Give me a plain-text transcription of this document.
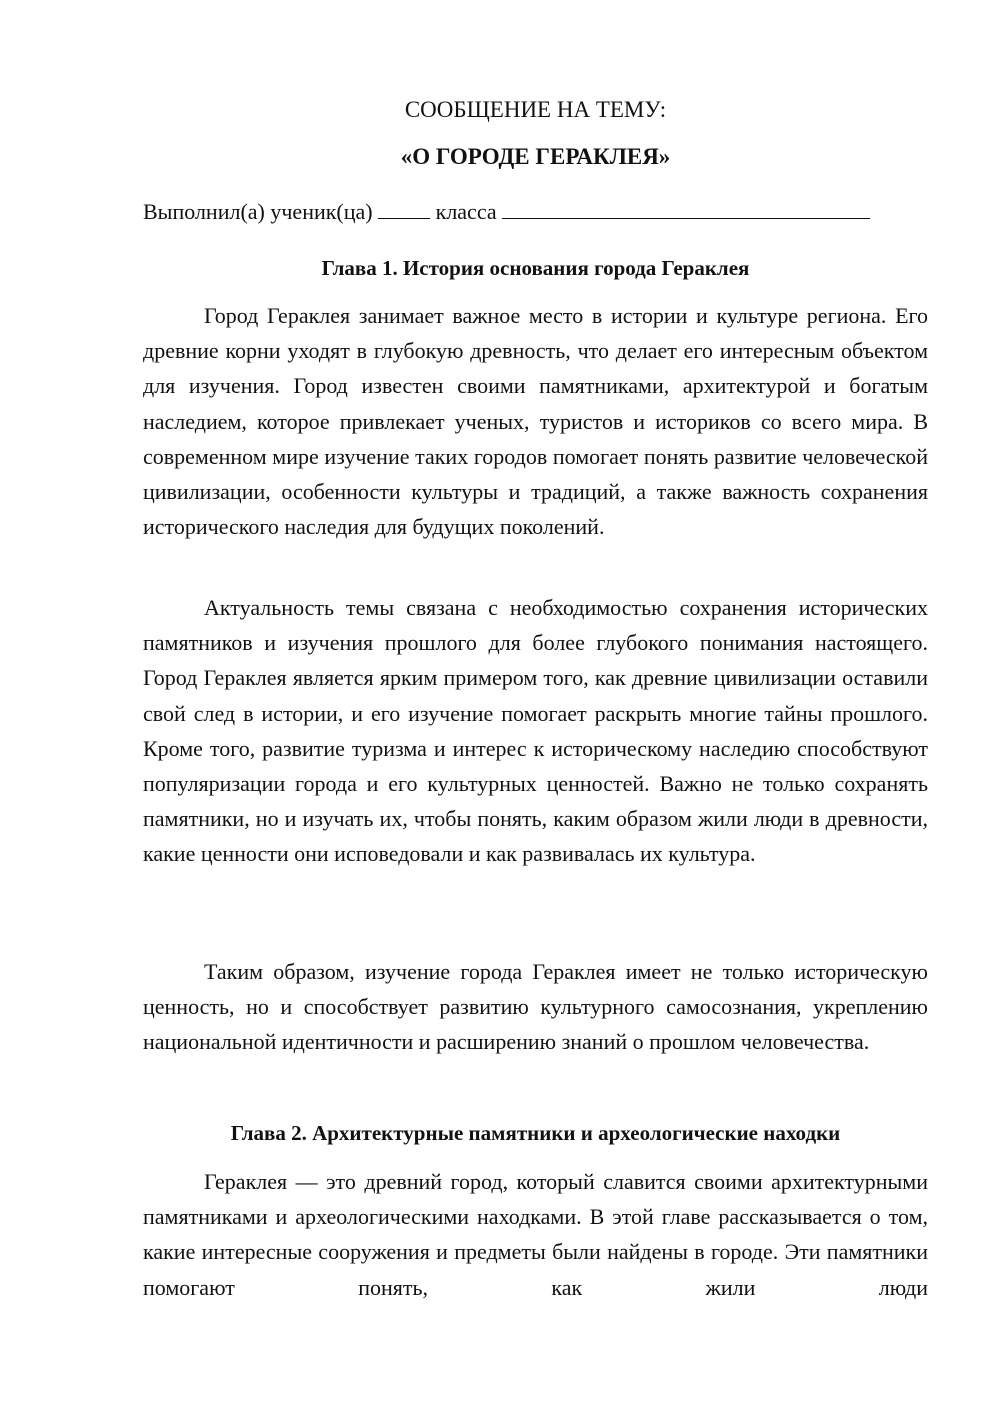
СООБЩЕНИЕ НА ТЕМУ:
«О ГОРОДЕ ГЕРАКЛЕЯ»
Выполнил(а) ученик(ца)	класса
Глава 1. История основания города Гераклея

Город Гераклея занимает важное место в истории и культуре региона. Его древние корни уходят в глубокую древность, что делает его интересным объектом для изучения. Город известен своими памятниками, архитектурой и богатым наследием, которое привлекает ученых, туристов и историков со всего мира. В современном мире изучение таких городов помогает понять развитие человеческой цивилизации, особенности культуры и традиций, а также важность сохранения исторического наследия для будущих поколений.

Актуальность темы связана с необходимостью сохранения исторических памятников и изучения прошлого для более глубокого понимания настоящего. Город Гераклея является ярким примером того, как древние цивилизации оставили свой след в истории, и его изучение помогает раскрыть многие тайны прошлого. Кроме того, развитие туризма и интерес к историческому наследию способствуют популяризации города и его культурных ценностей. Важно не только сохранять памятники, но и изучать их, чтобы понять, каким образом жили люди в древности, какие ценности они исповедовали и как развивалась их культура.

Таким образом, изучение города Гераклея имеет не только историческую ценность, но и способствует развитию культурного самосознания, укреплению национальной идентичности и расширению знаний о прошлом человечества.

Глава 2. Архитектурные памятники и археологические находки

Гераклея — это древний город, который славится своими архитектурными памятниками и археологическими находками. В этой главе рассказывается о том, какие интересные сооружения и предметы были найдены в городе. Эти памятники помогают понять, как жили люди
